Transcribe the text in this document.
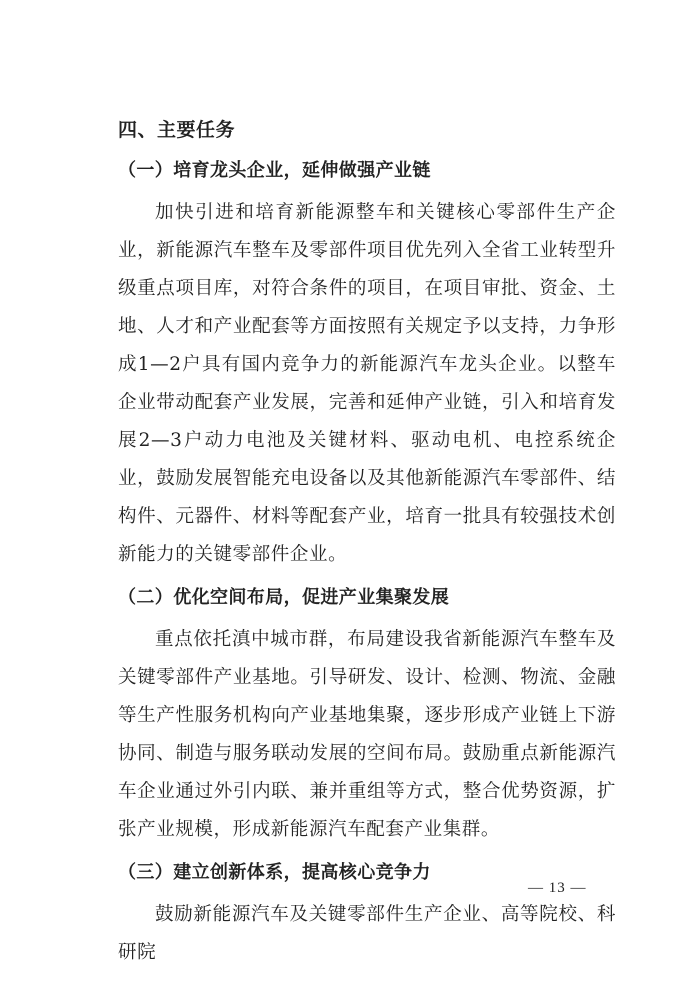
四、主要任务
（一）培育龙头企业，延伸做强产业链

加快引进和培育新能源整车和关键核心零部件生产企业，新能源汽车整车及零部件项目优先列入全省工业转型升级重点项目库，对符合条件的项目，在项目审批、资金、土地、人才和产业配套等方面按照有关规定予以支持，力争形成1—2户具有国内竞争力的新能源汽车龙头企业。以整车企业带动配套产业发展，完善和延伸产业链，引入和培育发展2—3户动力电池及关键材料、驱动电机、电控系统企业，鼓励发展智能充电设备以及其他新能源汽车零部件、结构件、元器件、材料等配套产业，培育一批具有较强技术创新能力的关键零部件企业。

（二）优化空间布局，促进产业集聚发展

重点依托滇中城市群，布局建设我省新能源汽车整车及关键零部件产业基地。引导研发、设计、检测、物流、金融等生产性服务机构向产业基地集聚，逐步形成产业链上下游协同、制造与服务联动发展的空间布局。鼓励重点新能源汽车企业通过外引内联、兼并重组等方式，整合优势资源，扩张产业规模，形成新能源汽车配套产业集群。

（三）建立创新体系，提高核心竞争力

鼓励新能源汽车及关键零部件生产企业、高等院校、科研院

— 13 —
